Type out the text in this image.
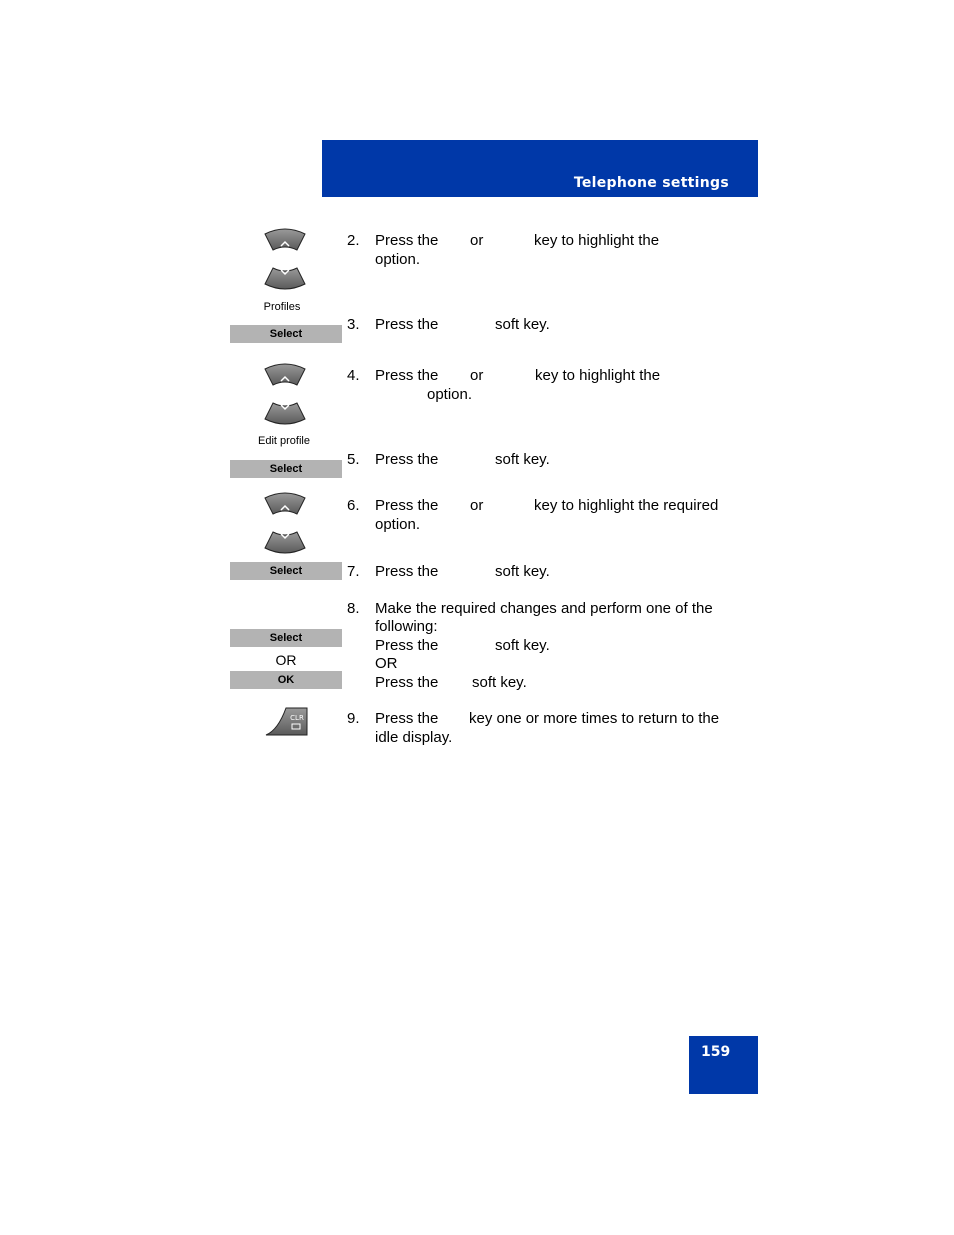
Telephone settings
Profiles
Select
Edit profile
Select
Select
Select
OR
OK
CLR
2. Press the or	key to highlight the
option.
3. Press the	soft key.
4. Press the or	key to highlight the
option.
5. Press the	soft key.
6. Press the or	key to highlight the required
option.
7. Press the	soft key.
8. Make the required changes and perform one of the
following:
Press the	soft key.
OR
Press the soft key.
9. Press the key one or more times to return to the
idle display.
159
